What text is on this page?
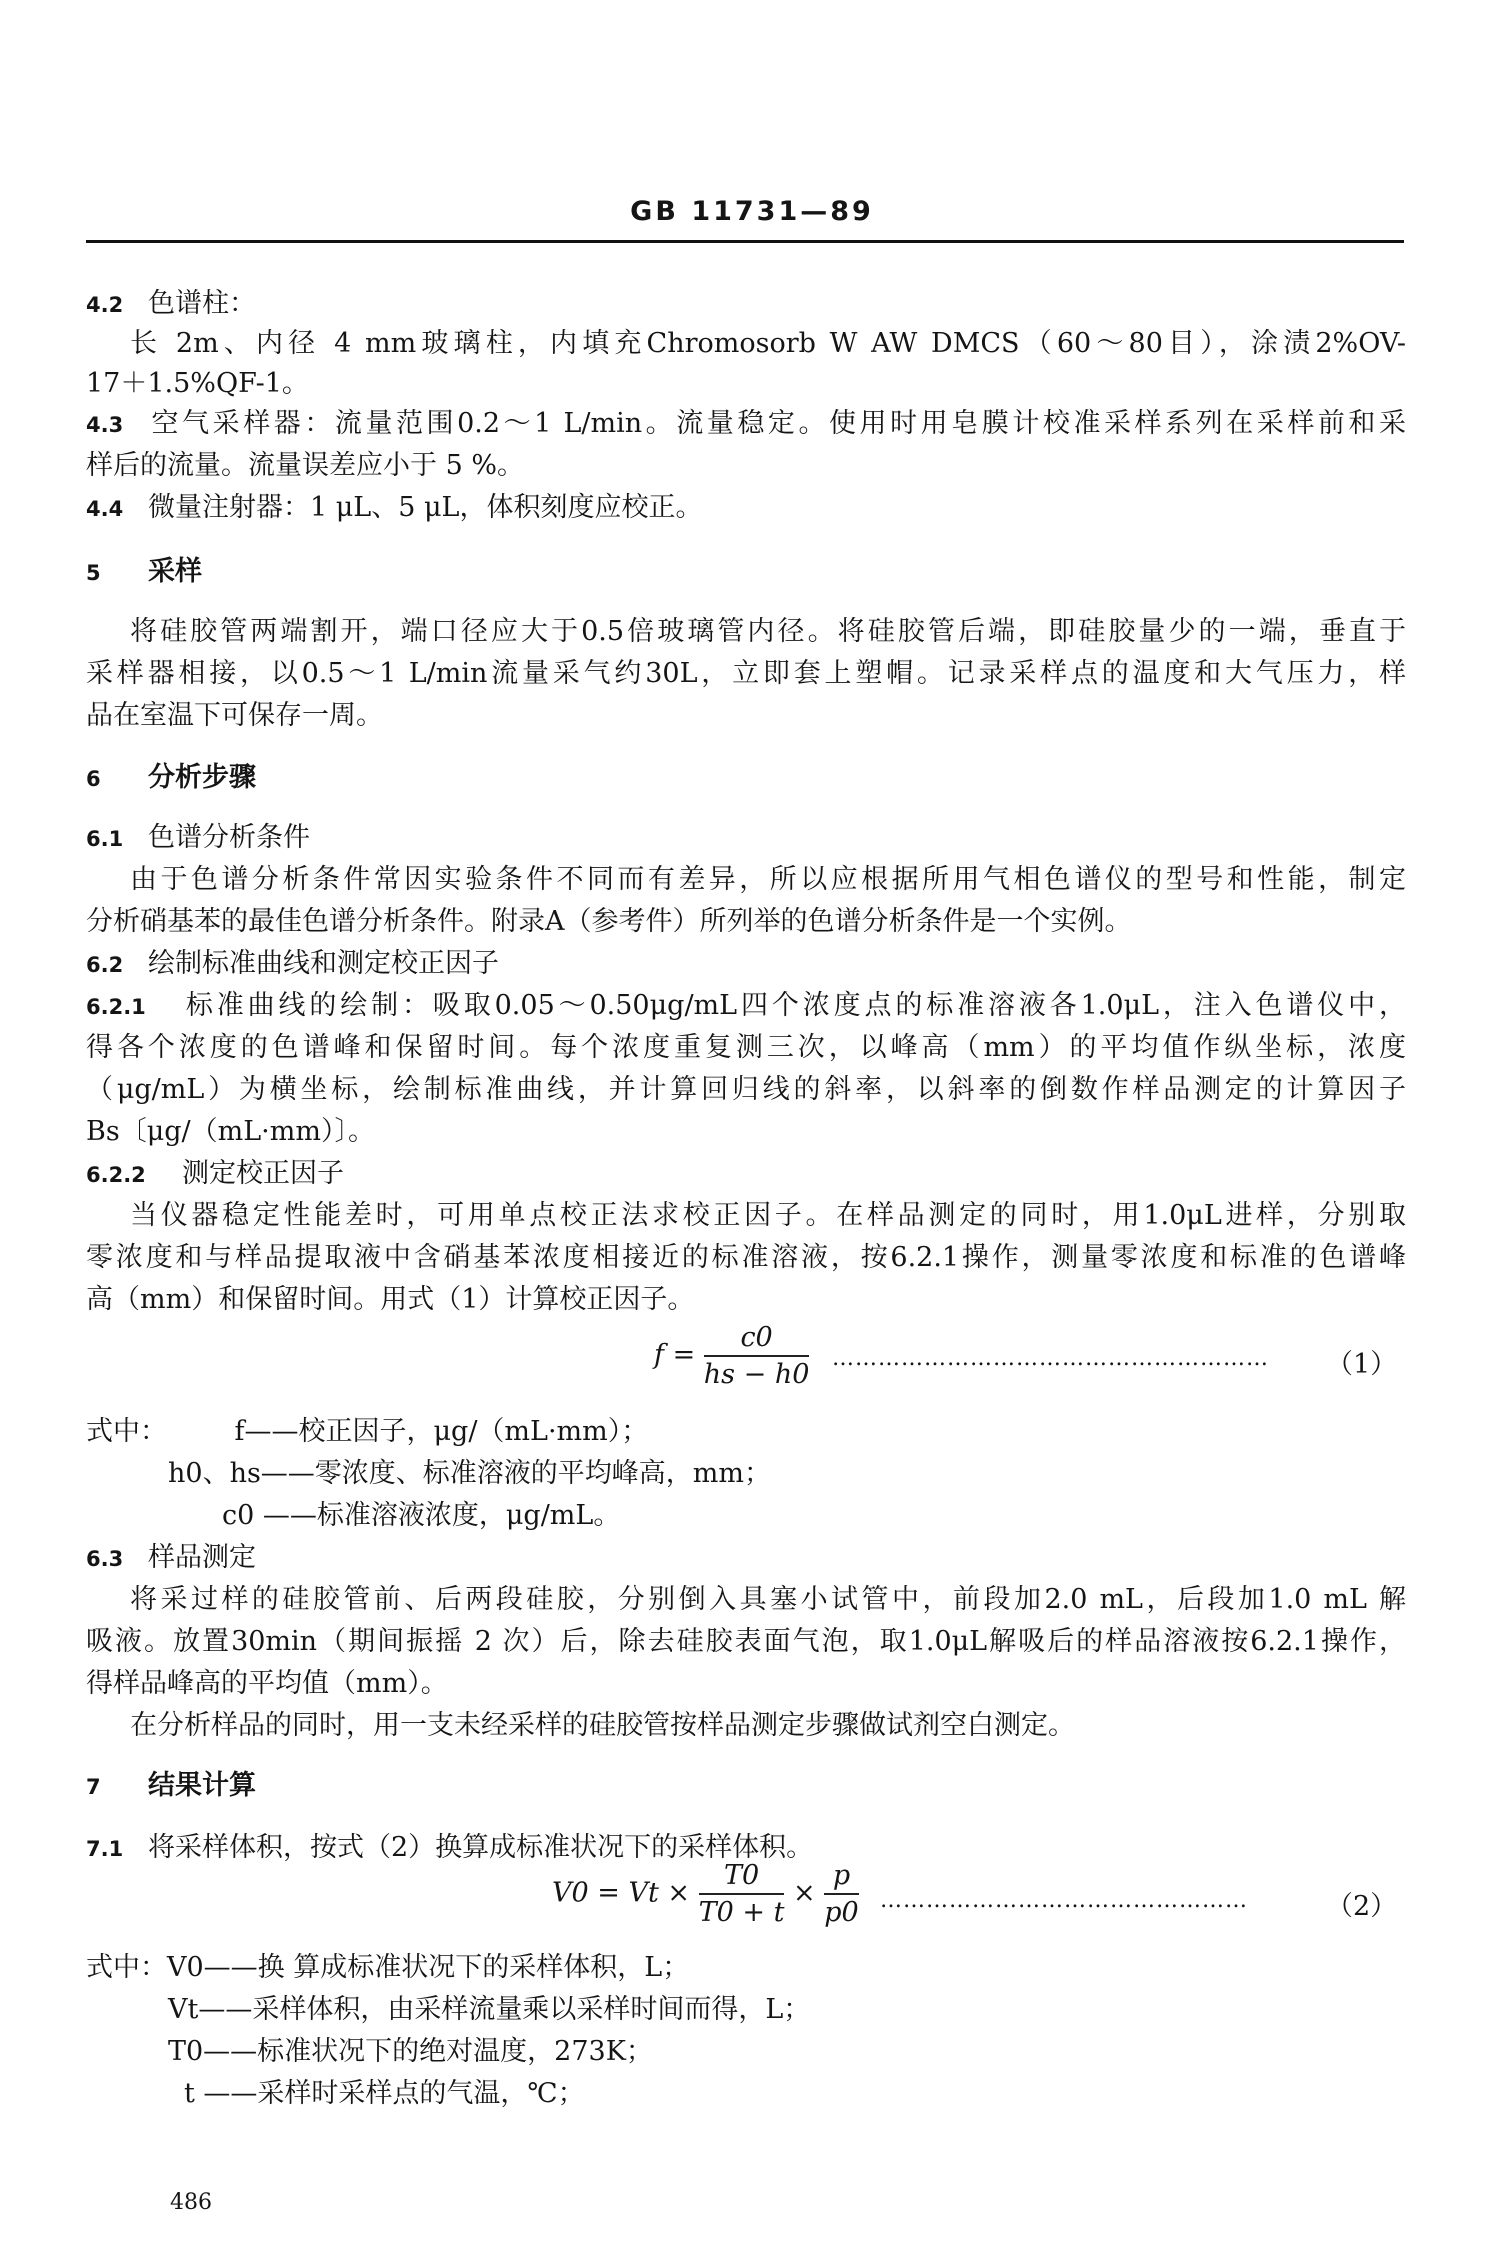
GB 11731—89
4.2 色谱柱：
长 2m、内径 4 mm玻璃柱，内填充Chromosorb W AW DMCS（60～80目），涂渍2%OV-
17＋1.5%QF-1。
4.3 空气采样器：流量范围0.2～1 L/min。流量稳定。使用时用皂膜计校准采样系列在采样前和采
样后的流量。流量误差应小于 5 %。
4.4 微量注射器：1 μL、5 μL，体积刻度应校正。
5 采样
将硅胶管两端割开，端口径应大于0.5倍玻璃管内径。将硅胶管后端，即硅胶量少的一端，垂直于
采样器相接，以0.5～1 L/min流量采气约30L，立即套上塑帽。记录采样点的温度和大气压力，样
品在室温下可保存一周。
6 分析步骤
6.1 色谱分析条件
由于色谱分析条件常因实验条件不同而有差异，所以应根据所用气相色谱仪的型号和性能，制定
分析硝基苯的最佳色谱分析条件。附录A（参考件）所列举的色谱分析条件是一个实例。
6.2 绘制标准曲线和测定校正因子
6.2.1 标准曲线的绘制：吸取0.05～0.50μg/mL四个浓度点的标准溶液各1.0μL，注入色谱仪中，
得各个浓度的色谱峰和保留时间。每个浓度重复测三次，以峰高（mm）的平均值作纵坐标，浓度
（μg/mL）为横坐标，绘制标准曲线，并计算回归线的斜率，以斜率的倒数作样品测定的计算因子
Bs〔μg/（mL·mm）〕。
6.2.2 测定校正因子
当仪器稳定性能差时，可用单点校正法求校正因子。在样品测定的同时，用1.0μL进样，分别取
零浓度和与样品提取液中含硝基苯浓度相接近的标准溶液，按6.2.1操作，测量零浓度和标准的色谱峰
高（mm）和保留时间。用式（1）计算校正因子。
$f = \frac{c0}{hs - h0}$ ………………………………………………… （1）
式中：　　　f——校正因子，μg/（mL·mm）；
h0、hs——零浓度、标准溶液的平均峰高，mm；
c0 ——标准溶液浓度，μg/mL。
6.3 样品测定
将采过样的硅胶管前、后两段硅胶，分别倒入具塞小试管中，前段加2.0 mL，后段加1.0 mL 解
吸液。放置30min（期间振摇 2 次）后，除去硅胶表面气泡，取1.0μL解吸后的样品溶液按6.2.1操作，
得样品峰高的平均值（mm）。
在分析样品的同时，用一支未经采样的硅胶管按样品测定步骤做试剂空白测定。
7 结果计算
7.1 将采样体积，按式（2）换算成标准状况下的采样体积。
$V0 = Vt \times \frac{T0}{T0 + t} \times \frac{p}{p0}$ …………………………………………	（2）
式中：V0——换 算成标准状况下的采样体积，L；
Vt——采样体积，由采样流量乘以采样时间而得，L；
T0——标准状况下的绝对温度，273K；
t ——采样时采样点的气温，℃；
486
